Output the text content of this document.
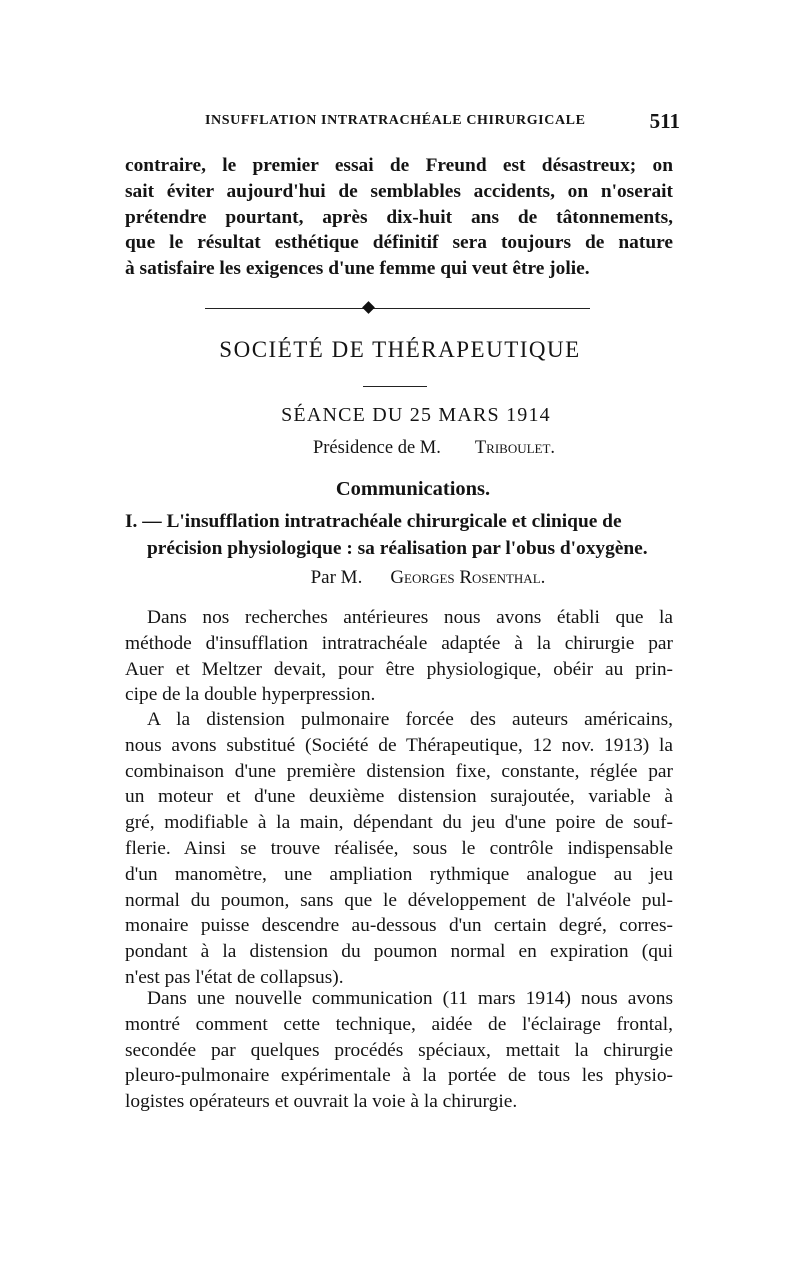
INSUFFLATION INTRATRACHÉALE CHIRURGICALE	511
contraire, le premier essai de Freund est désastreux; on
sait éviter aujourd'hui de semblables accidents, on n'oserait
prétendre pourtant, après dix-huit ans de tâtonnements,
que le résultat esthétique définitif sera toujours de nature
à satisfaire les exigences d'une femme qui veut être jolie.
SOCIÉTÉ DE THÉRAPEUTIQUE
SÉANCE DU 25 MARS 1914
Présidence de M.Triboulet.
Communications.
I. — L'insufflation intratrachéale chirurgicale et clinique de
précision physiologique : sa réalisation par l'obus d'oxygène.
Par M.Georges Rosenthal.
Dans nos recherches antérieures nous avons établi que la
méthode d'insufflation intratrachéale adaptée à la chirurgie par
Auer et Meltzer devait, pour être physiologique, obéir au prin-
cipe de la double hyperpression.
A la distension pulmonaire forcée des auteurs américains,
nous avons substitué (Société de Thérapeutique, 12 nov. 1913) la
combinaison d'une première distension fixe, constante, réglée par
un moteur et d'une deuxième distension surajoutée, variable à
gré, modifiable à la main, dépendant du jeu d'une poire de souf-
flerie. Ainsi se trouve réalisée, sous le contrôle indispensable
d'un manomètre, une ampliation rythmique analogue au jeu
normal du poumon, sans que le développement de l'alvéole pul-
monaire puisse descendre au-dessous d'un certain degré, corres-
pondant à la distension du poumon normal en expiration (qui
n'est pas l'état de collapsus).
Dans une nouvelle communication (11 mars 1914) nous avons
montré comment cette technique, aidée de l'éclairage frontal,
secondée par quelques procédés spéciaux, mettait la chirurgie
pleuro-pulmonaire expérimentale à la portée de tous les physio-
logistes opérateurs et ouvrait la voie à la chirurgie.
